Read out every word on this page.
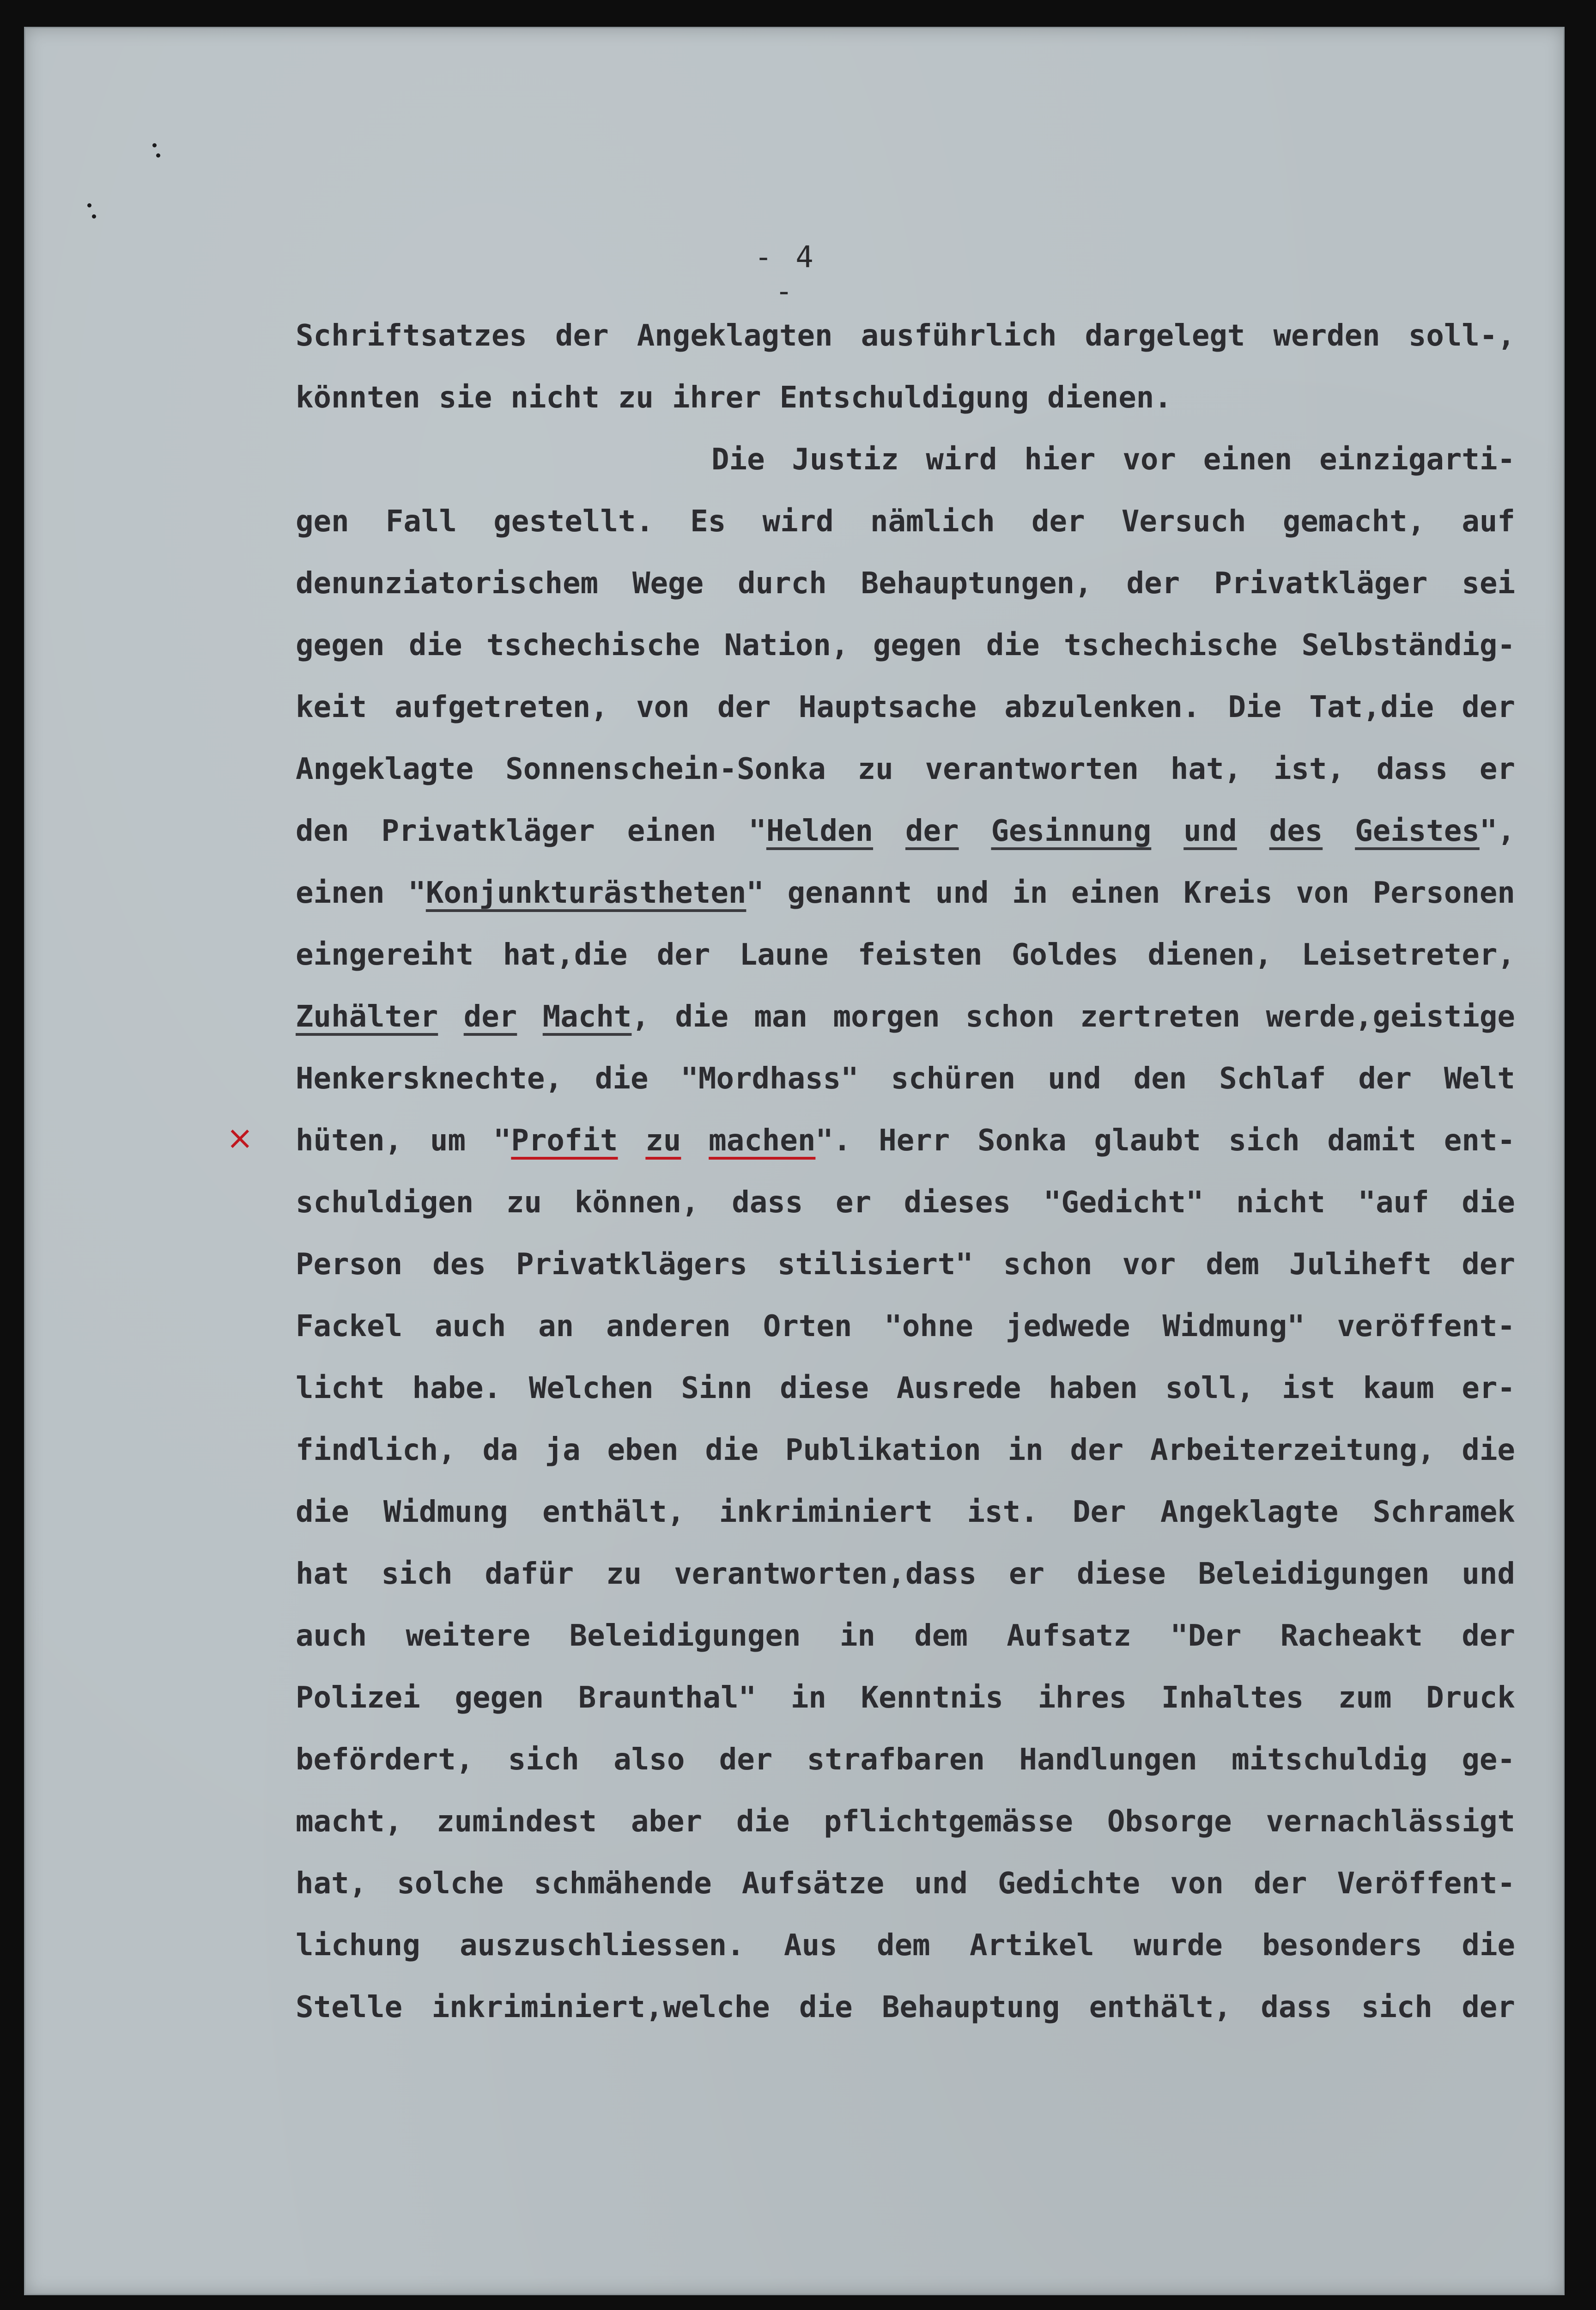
- 4 -
×
Schriftsatzes der Angeklagten ausführlich dargelegt werden soll-,
könnten sie nicht zu ihrer Entschuldigung dienen.
Die Justiz wird hier vor einen einzigarti-
gen Fall gestellt. Es wird nämlich der Versuch gemacht, auf
denunziatorischem Wege durch Behauptungen, der Privatkläger sei
gegen die tschechische Nation, gegen die tschechische Selbständig-
keit aufgetreten, von der Hauptsache abzulenken. Die Tat,die der
Angeklagte Sonnenschein-Sonka zu verantworten hat, ist, dass er
den Privatkläger einen "Helden der Gesinnung und des Geistes",
einen "Konjunkturästheten" genannt und in einen Kreis von Personen
eingereiht hat,die der Laune feisten Goldes dienen, Leisetreter,
Zuhälter der Macht, die man morgen schon zertreten werde,geistige
Henkersknechte, die "Mordhass" schüren und den Schlaf der Welt
hüten, um "Profit zu machen". Herr Sonka glaubt sich damit ent-
schuldigen zu können, dass er dieses "Gedicht" nicht "auf die
Person des Privatklägers stilisiert" schon vor dem Juliheft der
Fackel auch an anderen Orten "ohne jedwede Widmung" veröffent-
licht habe. Welchen Sinn diese Ausrede haben soll, ist kaum er-
findlich, da ja eben die Publikation in der Arbeiterzeitung, die
die Widmung enthält, inkriminiert ist. Der Angeklagte Schramek
hat sich dafür zu verantworten,dass er diese Beleidigungen und
auch weitere Beleidigungen in dem Aufsatz "Der Racheakt der
Polizei gegen Braunthal" in Kenntnis ihres Inhaltes zum Druck
befördert, sich also der strafbaren Handlungen mitschuldig ge-
macht, zumindest aber die pflichtgemässe Obsorge vernachlässigt
hat, solche schmähende Aufsätze und Gedichte von der Veröffent-
lichung auszuschliessen. Aus dem Artikel wurde besonders die
Stelle inkriminiert,welche die Behauptung enthält, dass sich der
